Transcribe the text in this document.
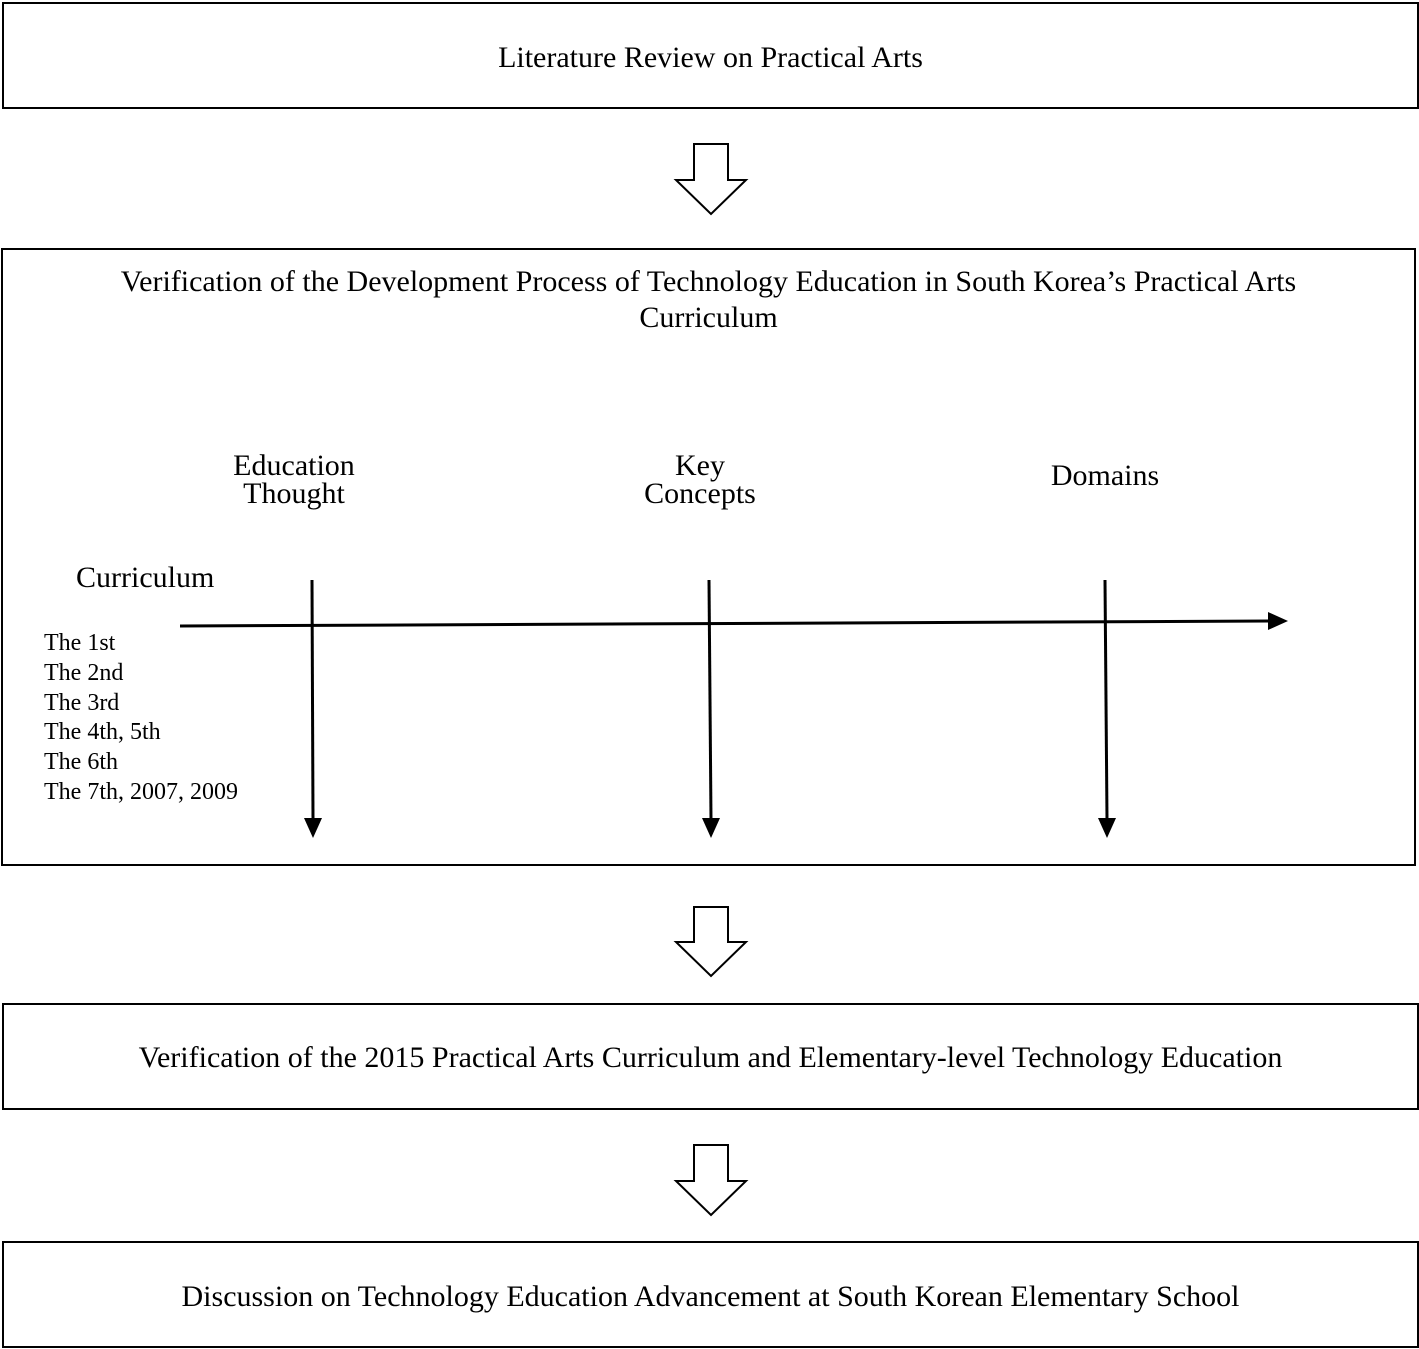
Literature Review on Practical Arts
Verification of the Development Process of Technology Education in South Korea’s Practical Arts
Curriculum
Education
Thought
Key
Concepts
Domains
Curriculum
The 1st
The 2nd
The 3rd
The 4th, 5th
The 6th
The 7th, 2007, 2009
Verification of the 2015 Practical Arts Curriculum and Elementary-level Technology Education
Discussion on Technology Education Advancement at South Korean Elementary School
